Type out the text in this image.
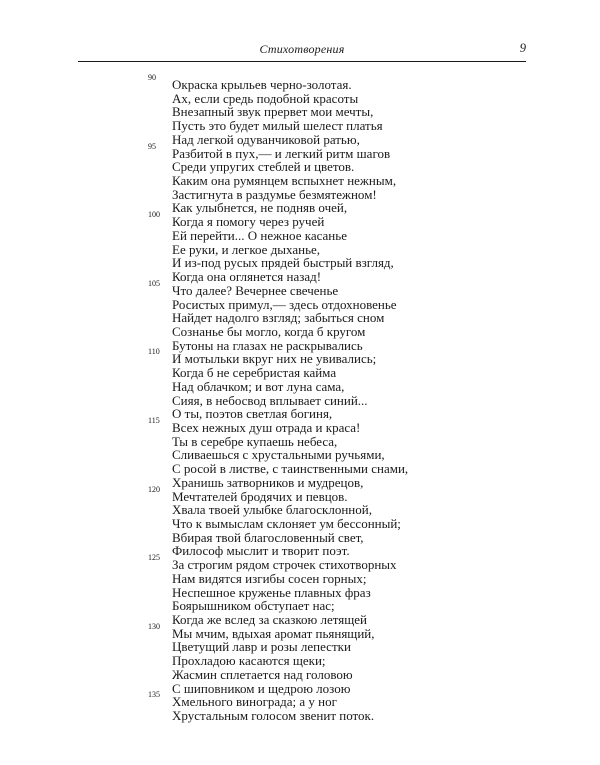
Стихотворения	9
90 Окраска крыльев черно-золотая.
Ах, если средь подобной красоты
Внезапный звук прервет мои мечты,
Пусть это будет милый шелест платья
Над легкой одуванчиковой ратью,
95 Разбитой в пух,— и легкий ритм шагов
Среди упругих стеблей и цветов.
Каким она румянцем вспыхнет нежным,
Застигнута в раздумье безмятежном!
Как улыбнется, не подняв очей,
100 Когда я помогу через ручей
Ей перейти... О нежное касанье
Ее руки, и легкое дыханье,
И из-под русых прядей быстрый взгляд,
Когда она оглянется назад!
105 Что далее? Вечернее свеченье
Росистых примул,— здесь отдохновенье
Найдет надолго взгляд; забыться сном
Сознанье бы могло, когда б кругом
Бутоны на глазах не раскрывались
110 И мотыльки вкруг них не увивались;
Когда б не серебристая кайма
Над облачком; и вот луна сама,
Сияя, в небосвод вплывает синий...
О ты, поэтов светлая богиня,
115 Всех нежных душ отрада и краса!
Ты в серебре купаешь небеса,
Сливаешься с хрустальными ручьями,
С росой в листве, с таинственными снами,
Хранишь затворников и мудрецов,
120 Мечтателей бродячих и певцов.
Хвала твоей улыбке благосклонной,
Что к вымыслам склоняет ум бессонный;
Вбирая твой благословенный свет,
Философ мыслит и творит поэт.
125 За строгим рядом строчек стихотворных
Нам видятся изгибы сосен горных;
Неспешное круженье плавных фраз
Боярышником обступает нас;
Когда же вслед за сказкою летящей
130 Мы мчим, вдыхая аромат пьянящий,
Цветущий лавр и розы лепестки
Прохладою касаются щеки;
Жасмин сплетается над головою
С шиповником и щедрою лозою
135 Хмельного винограда; а у ног
Хрустальным голосом звенит поток.
